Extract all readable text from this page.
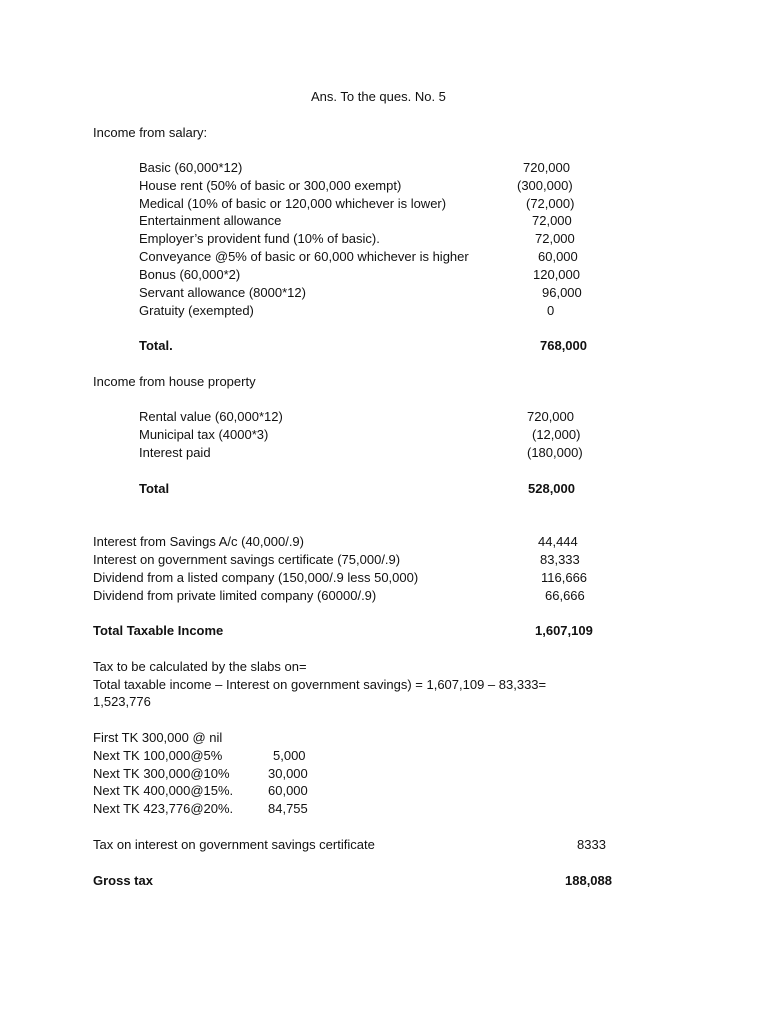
Ans. To the ques. No. 5
Income from salary:
Basic (60,000*12)	720,000
House rent (50% of basic or 300,000 exempt)	(300,000)
Medical (10% of basic or 120,000 whichever is lower)	(72,000)
Entertainment allowance	72,000
Employer’s provident fund (10% of basic).	72,000
Conveyance @5% of basic or 60,000 whichever is higher	60,000
Bonus (60,000*2)	120,000
Servant allowance (8000*12)	96,000
Gratuity (exempted)	0
Total.	768,000
Income from house property
Rental value (60,000*12)	720,000
Municipal tax (4000*3)	(12,000)
Interest paid	(180,000)
Total	528,000
Interest from Savings A/c (40,000/.9)	44,444
Interest on government savings certificate (75,000/.9)	83,333
Dividend from a listed company (150,000/.9 less 50,000)	116,666
Dividend from private limited company (60000/.9)	66,666
Total Taxable Income	1,607,109
Tax to be calculated by the slabs on=
Total taxable income – Interest on government savings) = 1,607,109 – 83,333=
1,523,776
First TK 300,000 @ nil
Next TK 100,000@5%	5,000
Next TK 300,000@10%	30,000
Next TK 400,000@15%.	60,000
Next TK 423,776@20%.	84,755
Tax on interest on government savings certificate	8333
Gross tax	188,088
